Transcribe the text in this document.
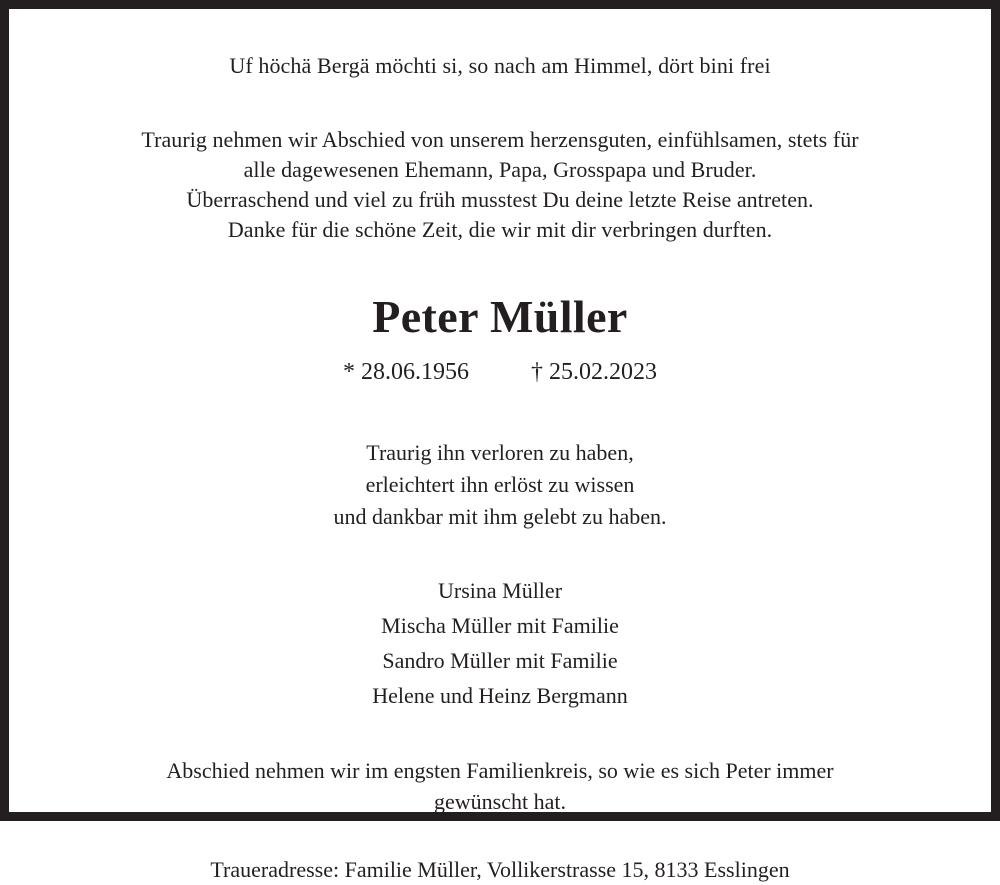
Uf höchä Bergä möchti si, so nach am Himmel, dört bini frei

Traurig nehmen wir Abschied von unserem herzensguten, einfühlsamen, stets für
alle dagewesenen Ehemann, Papa, Grosspapa und Bruder.
Überraschend und viel zu früh musstest Du deine letzte Reise antreten.
Danke für die schöne Zeit, die wir mit dir verbringen durften.
Peter Müller
* 28.06.1956	† 25.02.2023
Traurig ihn verloren zu haben,
erleichtert ihn erlöst zu wissen
und dankbar mit ihm gelebt zu haben.
Ursina Müller
Mischa Müller mit Familie
Sandro Müller mit Familie
Helene und Heinz Bergmann
Abschied nehmen wir im engsten Familienkreis, so wie es sich Peter immer
gewünscht hat.

Traueradresse: Familie Müller, Vollikerstrasse 15, 8133 Esslingen
